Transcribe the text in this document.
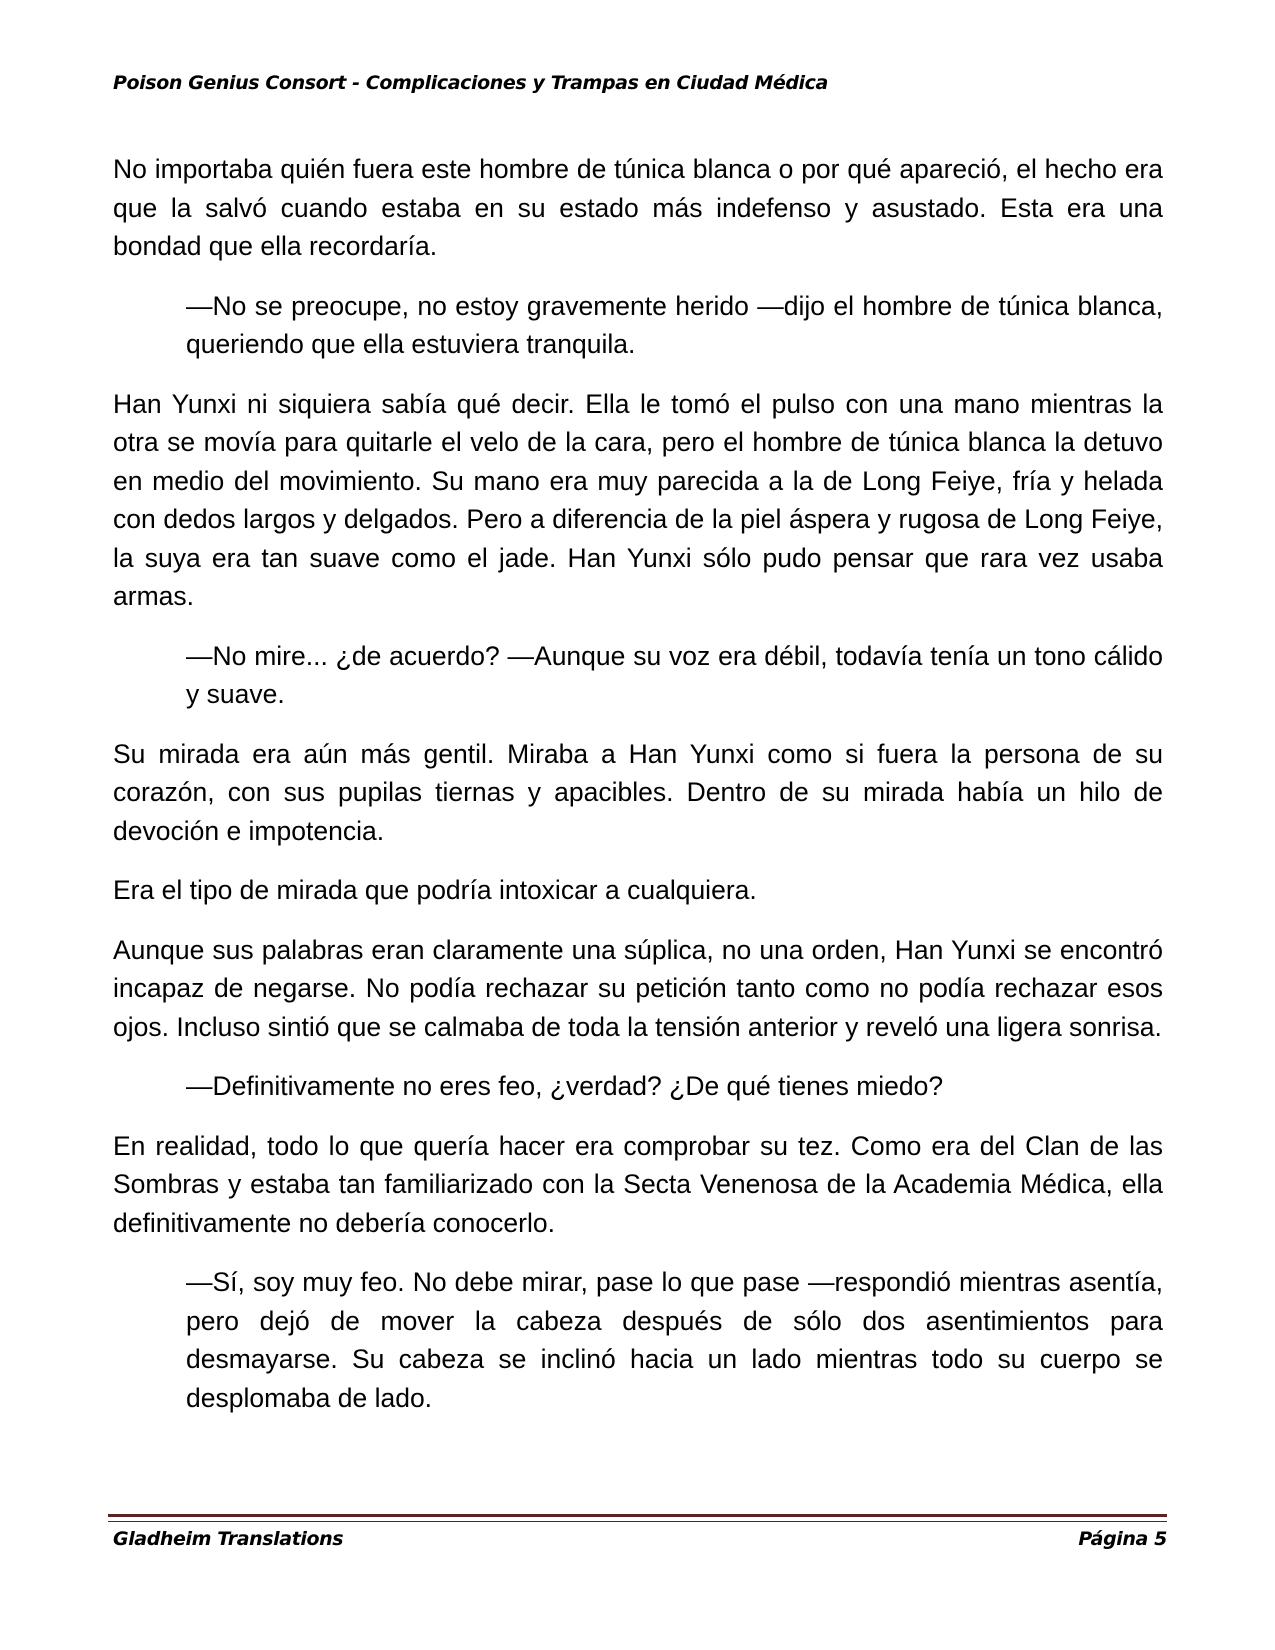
Poison Genius Consort - Complicaciones y Trampas en Ciudad Médica

No importaba quién fuera este hombre de túnica blanca o por qué apareció, el hecho era que la salvó cuando estaba en su estado más indefenso y asustado. Esta era una bondad que ella recordaría.

—No se preocupe, no estoy gravemente herido —dijo el hombre de túnica blanca, queriendo que ella estuviera tranquila.

Han Yunxi ni siquiera sabía qué decir. Ella le tomó el pulso con una mano mientras la otra se movía para quitarle el velo de la cara, pero el hombre de túnica blanca la detuvo en medio del movimiento. Su mano era muy parecida a la de Long Feiye, fría y helada con dedos largos y delgados. Pero a diferencia de la piel áspera y rugosa de Long Feiye, la suya era tan suave como el jade. Han Yunxi sólo pudo pensar que rara vez usaba armas.

—No mire... ¿de acuerdo? —Aunque su voz era débil, todavía tenía un tono cálido y suave.

Su mirada era aún más gentil. Miraba a Han Yunxi como si fuera la persona de su corazón, con sus pupilas tiernas y apacibles. Dentro de su mirada había un hilo de devoción e impotencia.

Era el tipo de mirada que podría intoxicar a cualquiera.

Aunque sus palabras eran claramente una súplica, no una orden, Han Yunxi se encontró incapaz de negarse. No podía rechazar su petición tanto como no podía rechazar esos ojos. Incluso sintió que se calmaba de toda la tensión anterior y reveló una ligera sonrisa.

—Definitivamente no eres feo, ¿verdad? ¿De qué tienes miedo?

En realidad, todo lo que quería hacer era comprobar su tez. Como era del Clan de las Sombras y estaba tan familiarizado con la Secta Venenosa de la Academia Médica, ella definitivamente no debería conocerlo.

—Sí, soy muy feo. No debe mirar, pase lo que pase —respondió mientras asentía, pero dejó de mover la cabeza después de sólo dos asentimientos para desmayarse. Su cabeza se inclinó hacia un lado mientras todo su cuerpo se desplomaba de lado.

Gladheim Translations	Página 5
